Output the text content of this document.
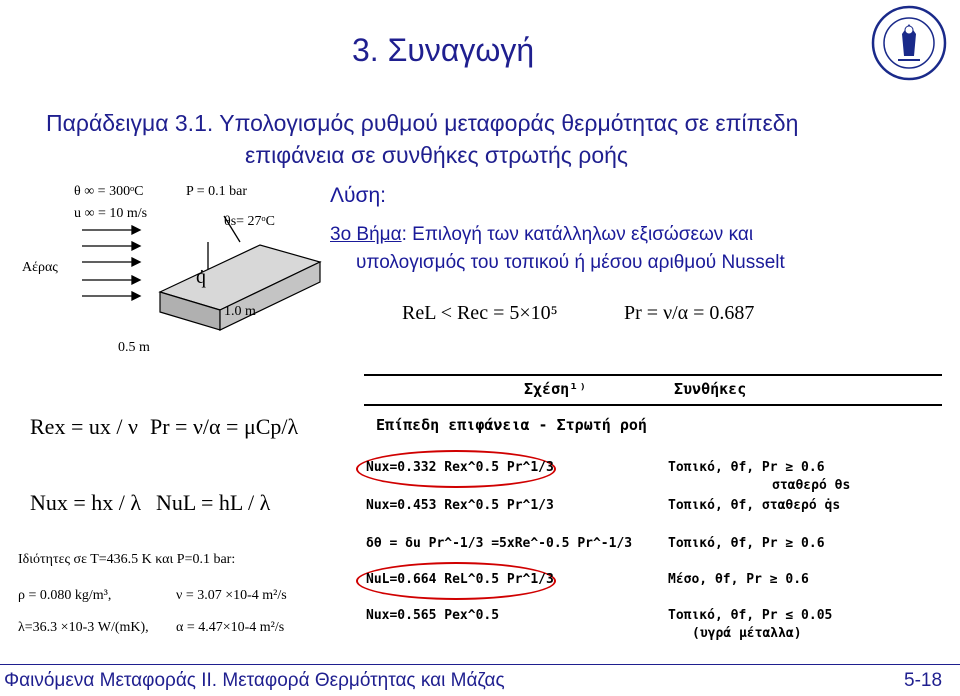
3. Συναγωγή
Παράδειγμα 3.1. Υπολογισμός ρυθμού μεταφοράς θερμότητας σε επίπεδη
επιφάνεια σε συνθήκες στρωτής ροής
θ ∞ = 300ᵒC
u ∞ = 10 m/s
P = 0.1 bar
θs= 27ᵒC
Αέρας	q̇
1.0 m
0.5 m
Λύση:
3ο Βήμα: Επιλογή των κατάλληλων εξισώσεων και
υπολογισμός του τοπικού ή μέσου αριθμού Nusselt
ReL < Rec = 5×10⁵	Pr = ν/α = 0.687
Rex = ux / ν Pr = ν/α = μCp/λ
Nux = hx / λ NuL = hL / λ
Ιδιότητες σε Τ=436.5 K και P=0.1 bar:
ρ = 0.080 kg/m³,	ν = 3.07 ×10-4 m²/s
λ=36.3 ×10-3 W/(mK), α = 4.47×10-4 m²/s
Σχέση¹⁾	Συνθήκες
Επίπεδη επιφάνεια - Στρωτή ροή
Nux=0.332 Rex^0.5 Pr^1/3	Τοπικό, θf, Pr ≥ 0.6
σταθερό θs
Nux=0.453 Rex^0.5 Pr^1/3	Τοπικό, θf, σταθερό q̇s
δθ = δu Pr^-1/3 =5xRe^-0.5 Pr^-1/3	Τοπικό, θf, Pr ≥ 0.6
NuL=0.664 ReL^0.5 Pr^1/3	Μέσο, θf, Pr ≥ 0.6
Nux=0.565 Pex^0.5	Τοπικό, θf, Pr ≤ 0.05
(υγρά μέταλλα)
Φαινόμενα Μεταφοράς ΙΙ. Μεταφορά Θερμότητας και Μάζας	5-18
